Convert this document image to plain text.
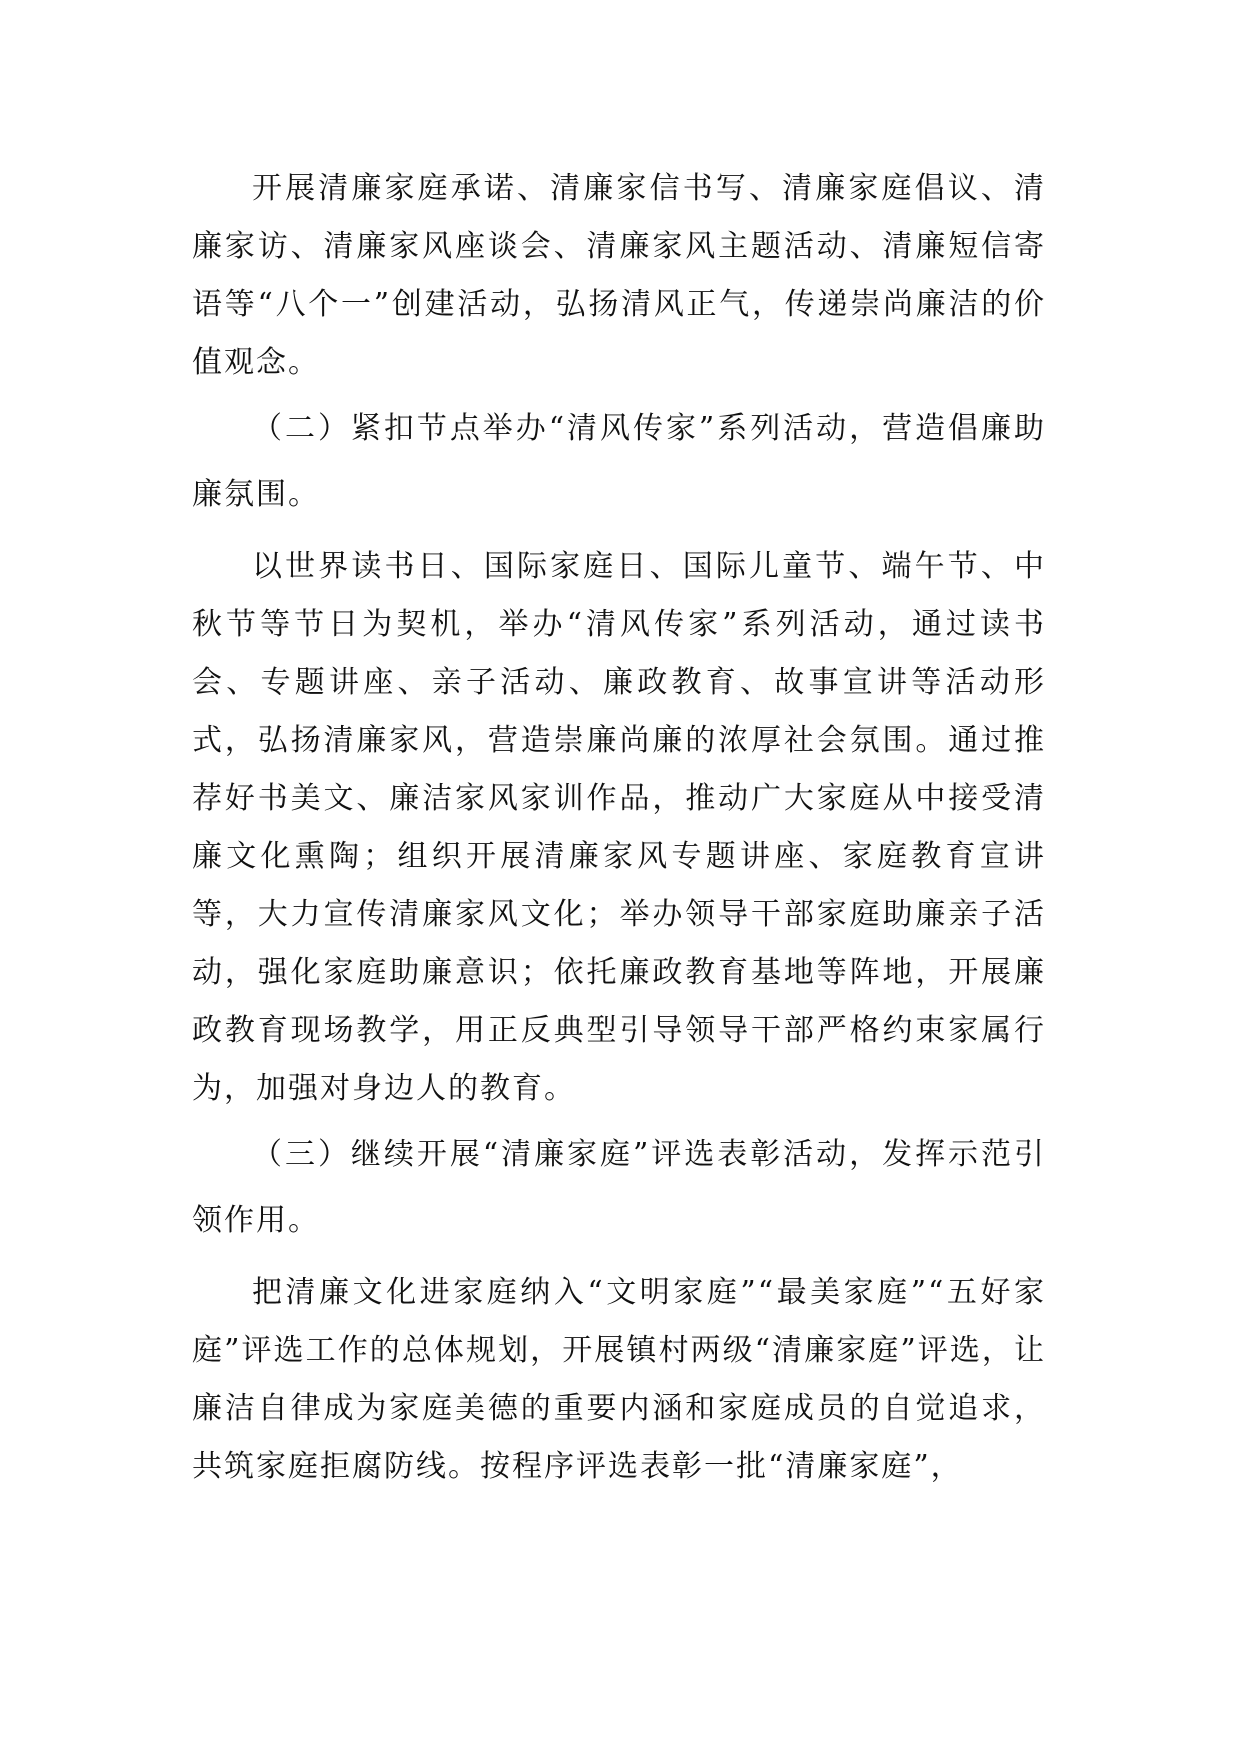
开展清廉家庭承诺、清廉家信书写、清廉家庭倡议、清廉家访、清廉家风座谈会、清廉家风主题活动、清廉短信寄语等“八个一”创建活动，弘扬清风正气，传递崇尚廉洁的价值观念。

（二）紧扣节点举办“清风传家”系列活动，营造倡廉助廉氛围。

以世界读书日、国际家庭日、国际儿童节、端午节、中秋节等节日为契机，举办“清风传家”系列活动，通过读书会、专题讲座、亲子活动、廉政教育、故事宣讲等活动形式，弘扬清廉家风，营造崇廉尚廉的浓厚社会氛围。通过推荐好书美文、廉洁家风家训作品，推动广大家庭从中接受清廉文化熏陶；组织开展清廉家风专题讲座、家庭教育宣讲等，大力宣传清廉家风文化；举办领导干部家庭助廉亲子活动，强化家庭助廉意识；依托廉政教育基地等阵地，开展廉政教育现场教学，用正反典型引导领导干部严格约束家属行为，加强对身边人的教育。

（三）继续开展“清廉家庭”评选表彰活动，发挥示范引领作用。

把清廉文化进家庭纳入“文明家庭”“最美家庭”“五好家庭”评选工作的总体规划，开展镇村两级“清廉家庭”评选，让廉洁自律成为家庭美德的重要内涵和家庭成员的自觉追求，共筑家庭拒腐防线。按程序评选表彰一批“清廉家庭”，
